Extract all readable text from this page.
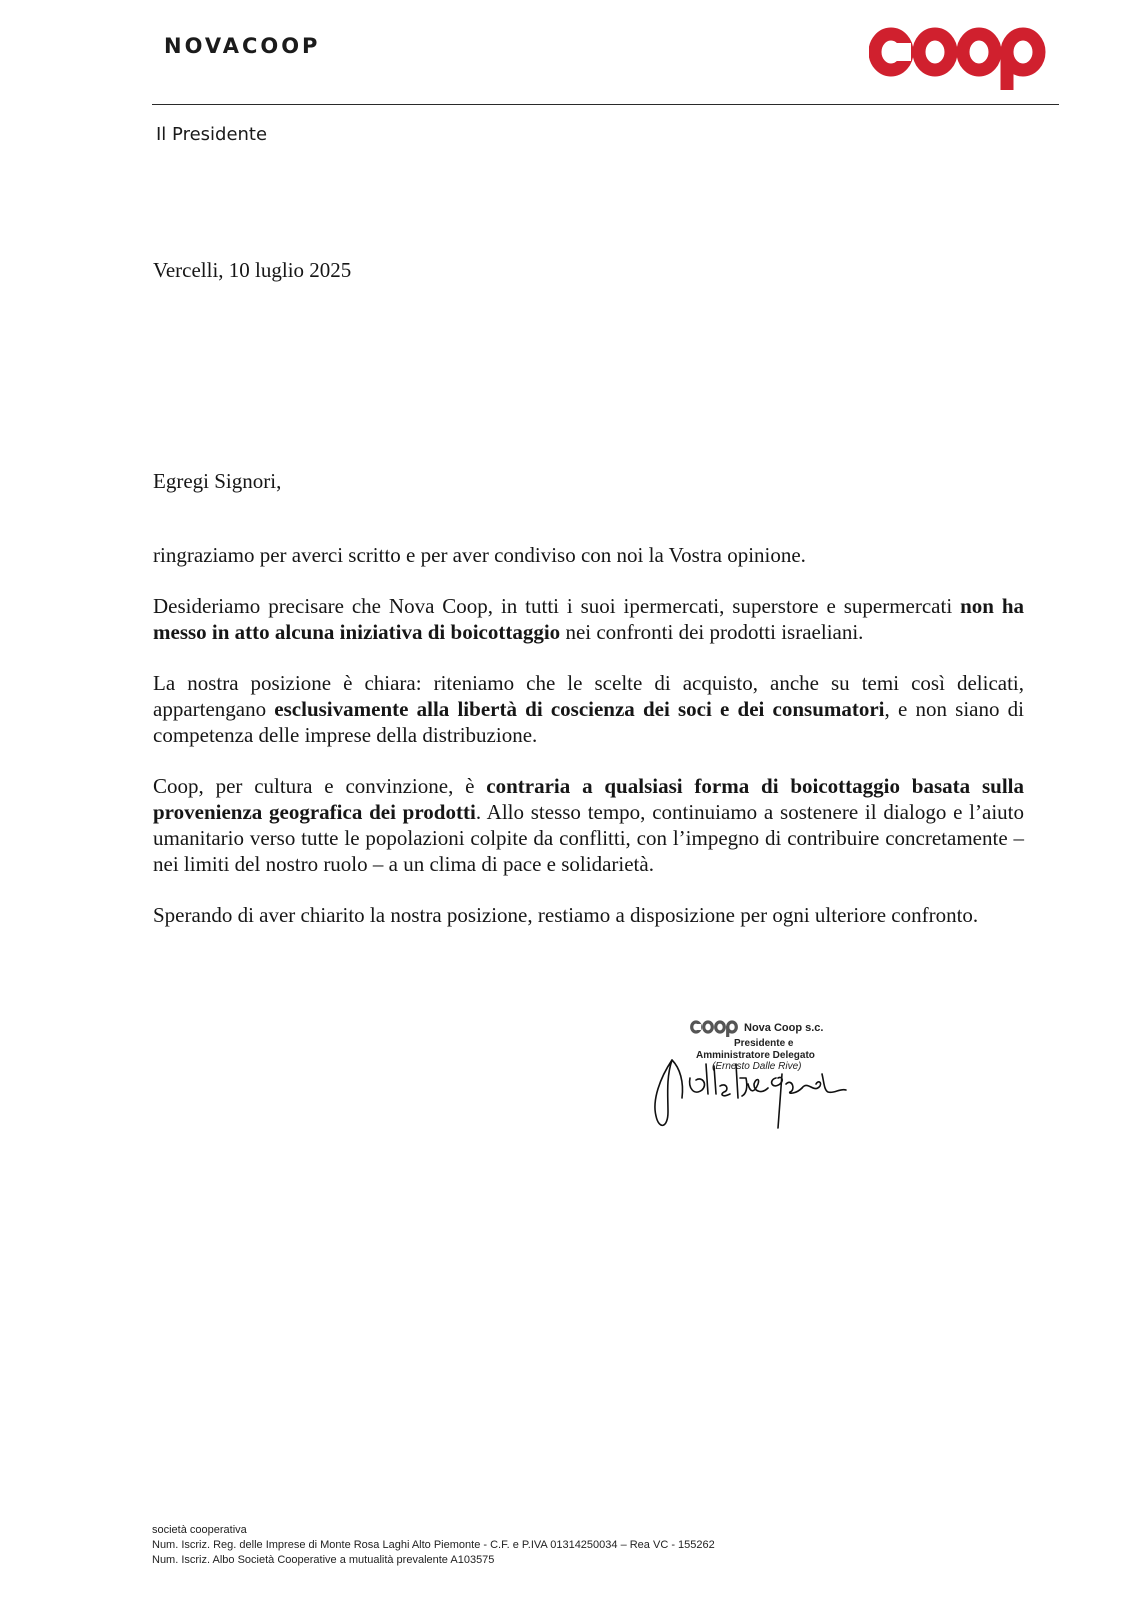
NOVACOOP
Il Presidente
Vercelli, 10 luglio 2025
Egregi Signori,

ringraziamo per averci scritto e per aver condiviso con noi la Vostra opinione.

Desideriamo precisare che Nova Coop, in tutti i suoi ipermercati, superstore e supermercati non ha messo in atto alcuna iniziativa di boicottaggio nei confronti dei prodotti israeliani.

La nostra posizione è chiara: riteniamo che le scelte di acquisto, anche su temi così delicati, appartengano esclusivamente alla libertà di coscienza dei soci e dei consumatori, e non siano di competenza delle imprese della distribuzione.

Coop, per cultura e convinzione, è contraria a qualsiasi forma di boicottaggio basata sulla provenienza geografica dei prodotti. Allo stesso tempo, continuiamo a sostenere il dialogo e l’aiuto umanitario verso tutte le popolazioni colpite da conflitti, con l’impegno di contribuire concretamente – nei limiti del nostro ruolo – a un clima di pace e solidarietà.

Sperando di aver chiarito la nostra posizione, restiamo a disposizione per ogni ulteriore confronto.

Nova Coop s.c.
Presidente e
Amministratore Delegato
(Ernesto Dalle Rive)
società cooperativa
Num. Iscriz. Reg. delle Imprese di Monte Rosa Laghi Alto Piemonte - C.F. e P.IVA 01314250034 – Rea VC - 155262
Num. Iscriz. Albo Società Cooperative a mutualità prevalente A103575
